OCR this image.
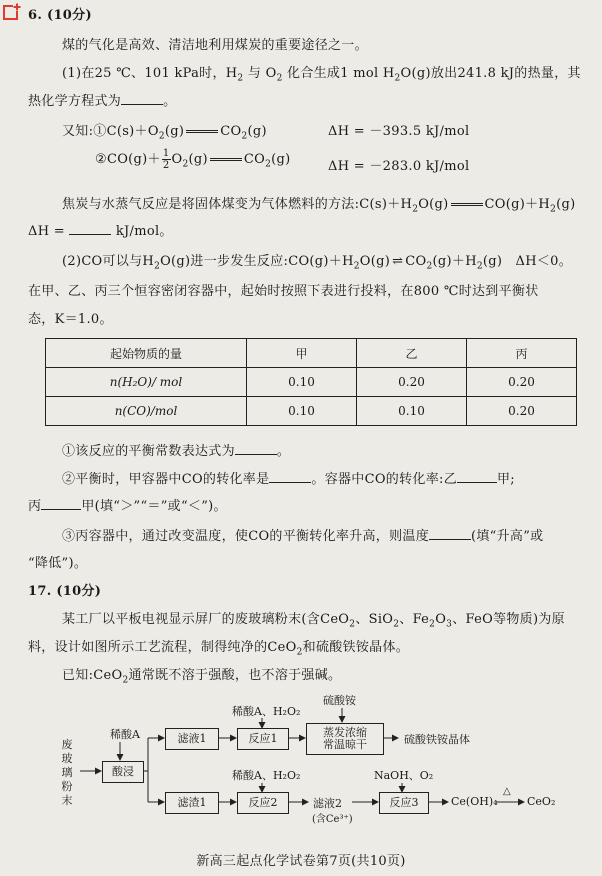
6. (10分)
煤的气化是高效、清洁地利用煤炭的重要途径之一。
(1)在25 ℃、101 kPa时，$H_2$ 与 $O_2$ 化合生成1 mol $H_2O(g)$放出241.8 kJ的热量，其
热化学方程式为	。
又知$:①C(s)+O_2(g)$	$CO_2(g)$	ΔH = －393.5 kJ/mol
②CO(g)＋ $\frac{1}{2} O_2(g)$	$CO_2(g)$	ΔH = －283.0 kJ/mol
焦炭与水蒸气反应是将固体煤变为气体燃料的方法$:C(s)+H_2O(g)$	$CO(g)+H_2(g)$
ΔH =	kJ/mol。
(2)CO可以与$H_2O(g)$进一步发生反应$:CO(g)+H_2O(g)$ ⇌ $CO_2(g)+H_2(g)$　ΔH＜0。
在甲、乙、丙三个恒容密闭容器中，起始时按照下表进行投料，在800 ℃时达到平衡状
态，K＝1.0。
起始物质的量	甲	乙	丙
n(H₂O)/ mol	0.10	0.20	0.20
n(CO)/mol	0.10	0.10	0.20
①该反应的平衡常数表达式为	。
②平衡时，甲容器中CO的转化率是	。容器中CO的转化率:乙	甲;
丙	甲(填“＞”“＝”或“＜”)。
③丙容器中，通过改变温度，使CO的平衡转化率升高，则温度	(填“升高”或
“降低”)。
17. (10分)
某工厂以平板电视显示屏厂的废玻璃粉末(含CeO$_2$、SiO$_2$、$Fe_2O_3$、FeO等物质)为原
料，设计如图所示工艺流程，制得纯净的CeO$_2$和硫酸铁铵晶体。
已知:CeO$_2$通常既不溶于强酸，也不溶于强碱。
废玻璃粉末
稀酸A
酸浸
滤液1
滤渣1
稀酸A、H₂O₂
反应1
硫酸铵
蒸发浓缩
常温晾干	硫酸铁铵晶体
稀酸A、H₂O₂
反应2	滤液2
(含Ce³⁺)
NaOH、O₂
反应3	Ce(OH)₄
△
CeO₂
新高三起点化学试卷第7页(共10页)
